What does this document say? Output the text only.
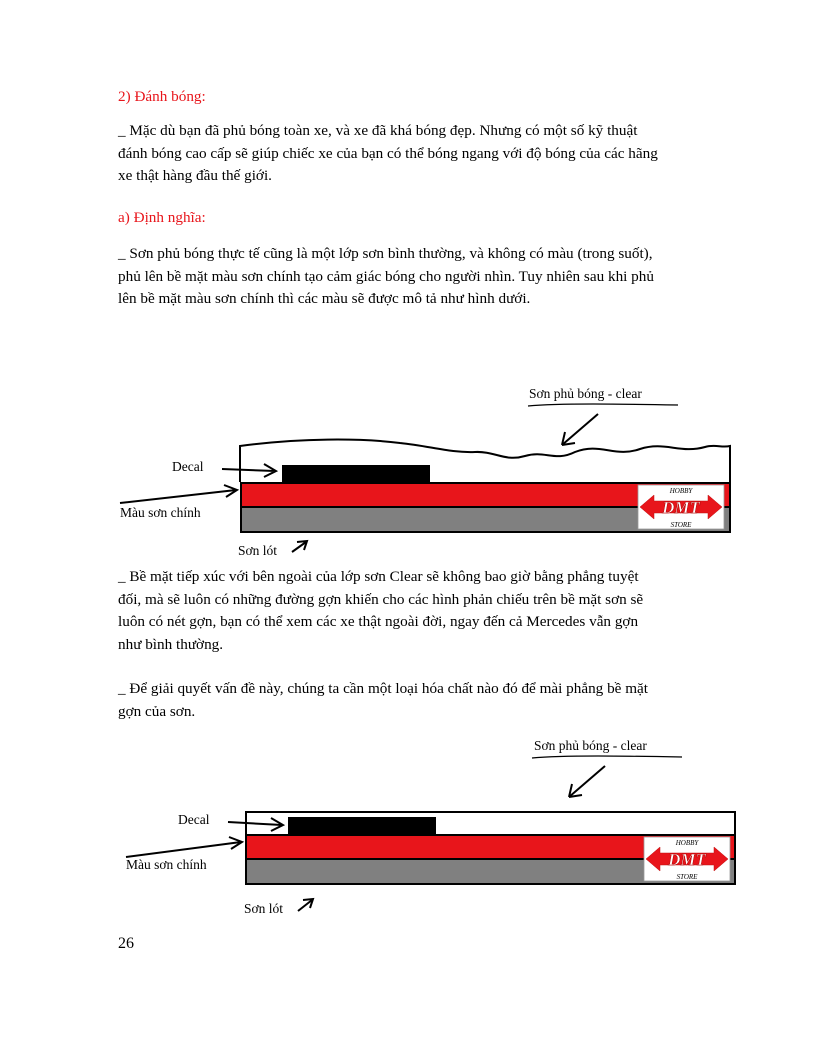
2) Đánh bóng:
_ Mặc dù bạn đã phủ bóng toàn xe, và xe đã khá bóng đẹp. Nhưng có một số kỹ thuật
đánh bóng cao cấp sẽ giúp chiếc xe của bạn có thể bóng ngang với độ bóng của các hãng
xe thật hàng đầu thế giới.
a) Định nghĩa:
_ Sơn phủ bóng thực tế cũng là một lớp sơn bình thường, và không có màu (trong suốt),
phủ lên bề mặt màu sơn chính tạo cảm giác bóng cho người nhìn. Tuy nhiên sau khi phủ
lên bề mặt màu sơn chính thì các màu sẽ được mô tả như hình dưới.
HOBBY
DMT
STORE
Sơn phủ bóng - clear
Decal
Màu sơn chính
Sơn lót
_ Bề mặt tiếp xúc với bên ngoài của lớp sơn Clear sẽ không bao giờ bằng phẳng tuyệt
đối, mà sẽ luôn có những đường gợn khiến cho các hình phản chiếu trên bề mặt sơn sẽ
luôn có nét gợn, bạn có thể xem các xe thật ngoài đời, ngay đến cả Mercedes vẫn gợn
như bình thường.
_ Để giải quyết vấn đề này, chúng ta cần một loại hóa chất nào đó để mài phẳng bề mặt
gợn của sơn.
HOBBY
DMT
STORE
Sơn phủ bóng - clear
Decal
Màu sơn chính
Sơn lót
26
